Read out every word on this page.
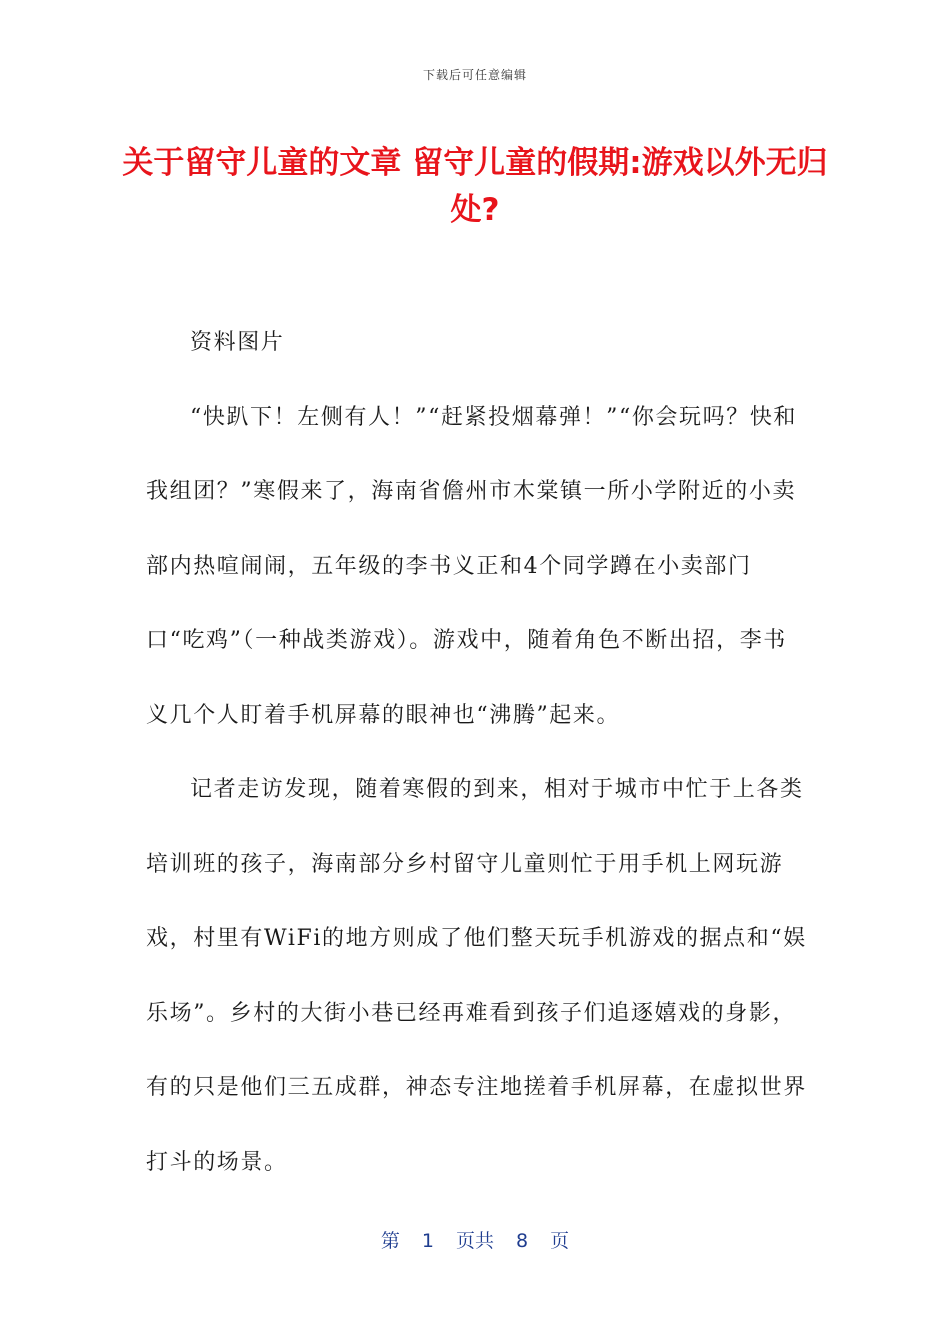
下载后可任意编辑
关于留守儿童的文章 留守儿童的假期:游戏以外无归处?

资料图片

“快趴下！左侧有人！”“赶紧投烟幕弹！”“你会玩吗？快和我组团？”寒假来了，海南省儋州市木棠镇一所小学附近的小卖部内热喧闹闹，五年级的李书义正和4个同学蹲在小卖部门口“吃鸡”（一种战类游戏）。游戏中，随着角色不断出招，李书义几个人盯着手机屏幕的眼神也“沸腾”起来。

记者走访发现，随着寒假的到来，相对于城市中忙于上各类培训班的孩子，海南部分乡村留守儿童则忙于用手机上网玩游戏，村里有WiFi的地方则成了他们整天玩手机游戏的据点和“娱乐场”。乡村的大街小巷已经再难看到孩子们追逐嬉戏的身影，有的只是他们三五成群，神态专注地搓着手机屏幕，在虚拟世界打斗的场景。

第 1 页共 8 页
